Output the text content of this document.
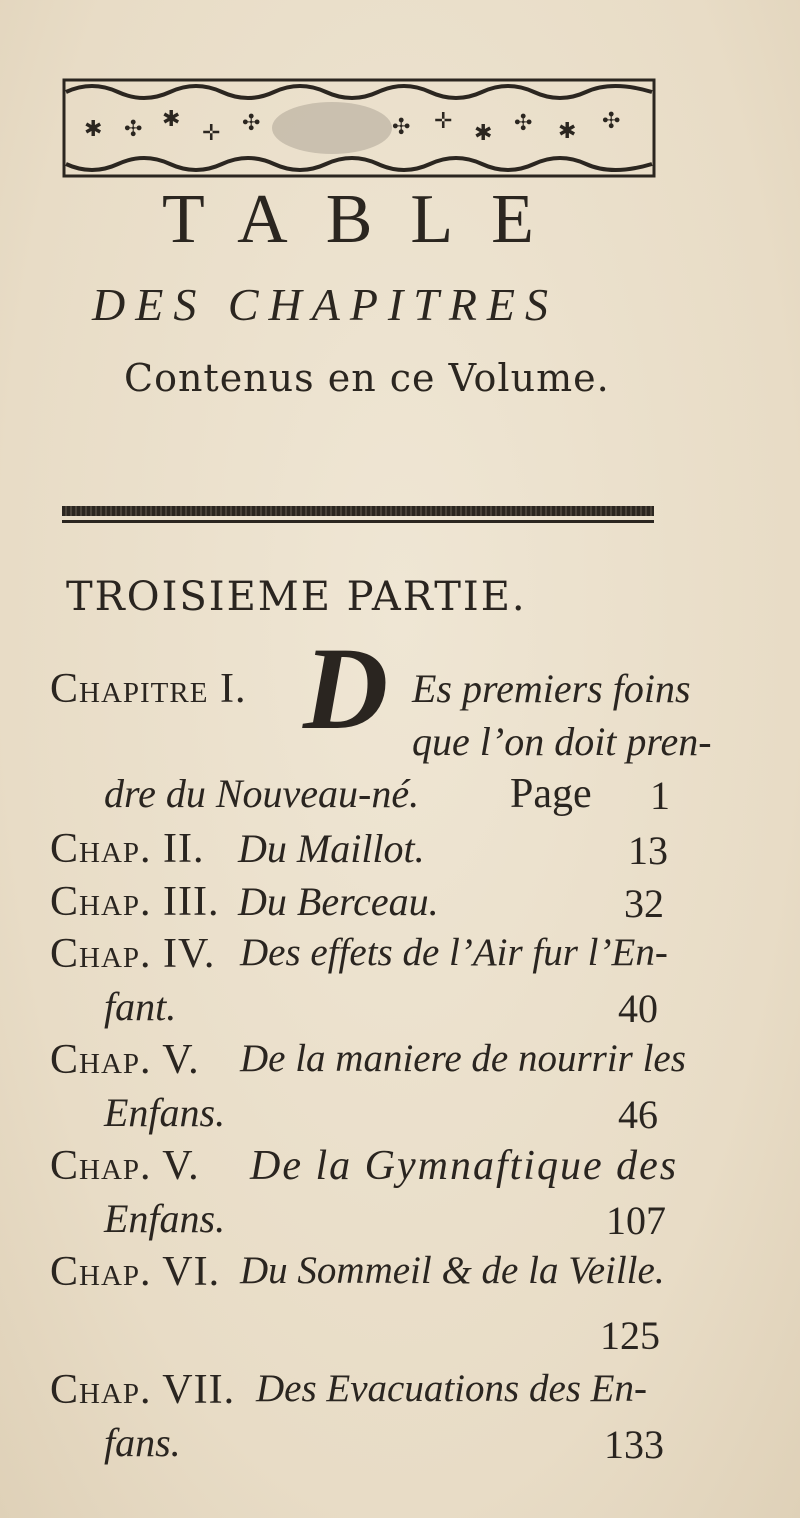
✱ ✣ ✱
✛ ✣	✣ ✛ ✱ ✣ ✱ ✣
TABLE
DES CHAPITRES
Contenus en ce Volume.
TROISIEME PARTIE.
Chapitre I. D Es premiers foins
que l’on doit pren-
dre du Nouveau-né. Page 1
Chap. II. Du Maillot.	13
Chap. III. Du Berceau.	32
Chap. IV. Des effets de l’Air fur l’En-
fant.	40
Chap. V. De la maniere de nourrir les
Enfans.	46
Chap. V. De la Gymnaftique des
Enfans.	107
Chap. VI. Du Sommeil & de la Veille.
125
Chap. VII. Des Evacuations des En-
fans.	133
